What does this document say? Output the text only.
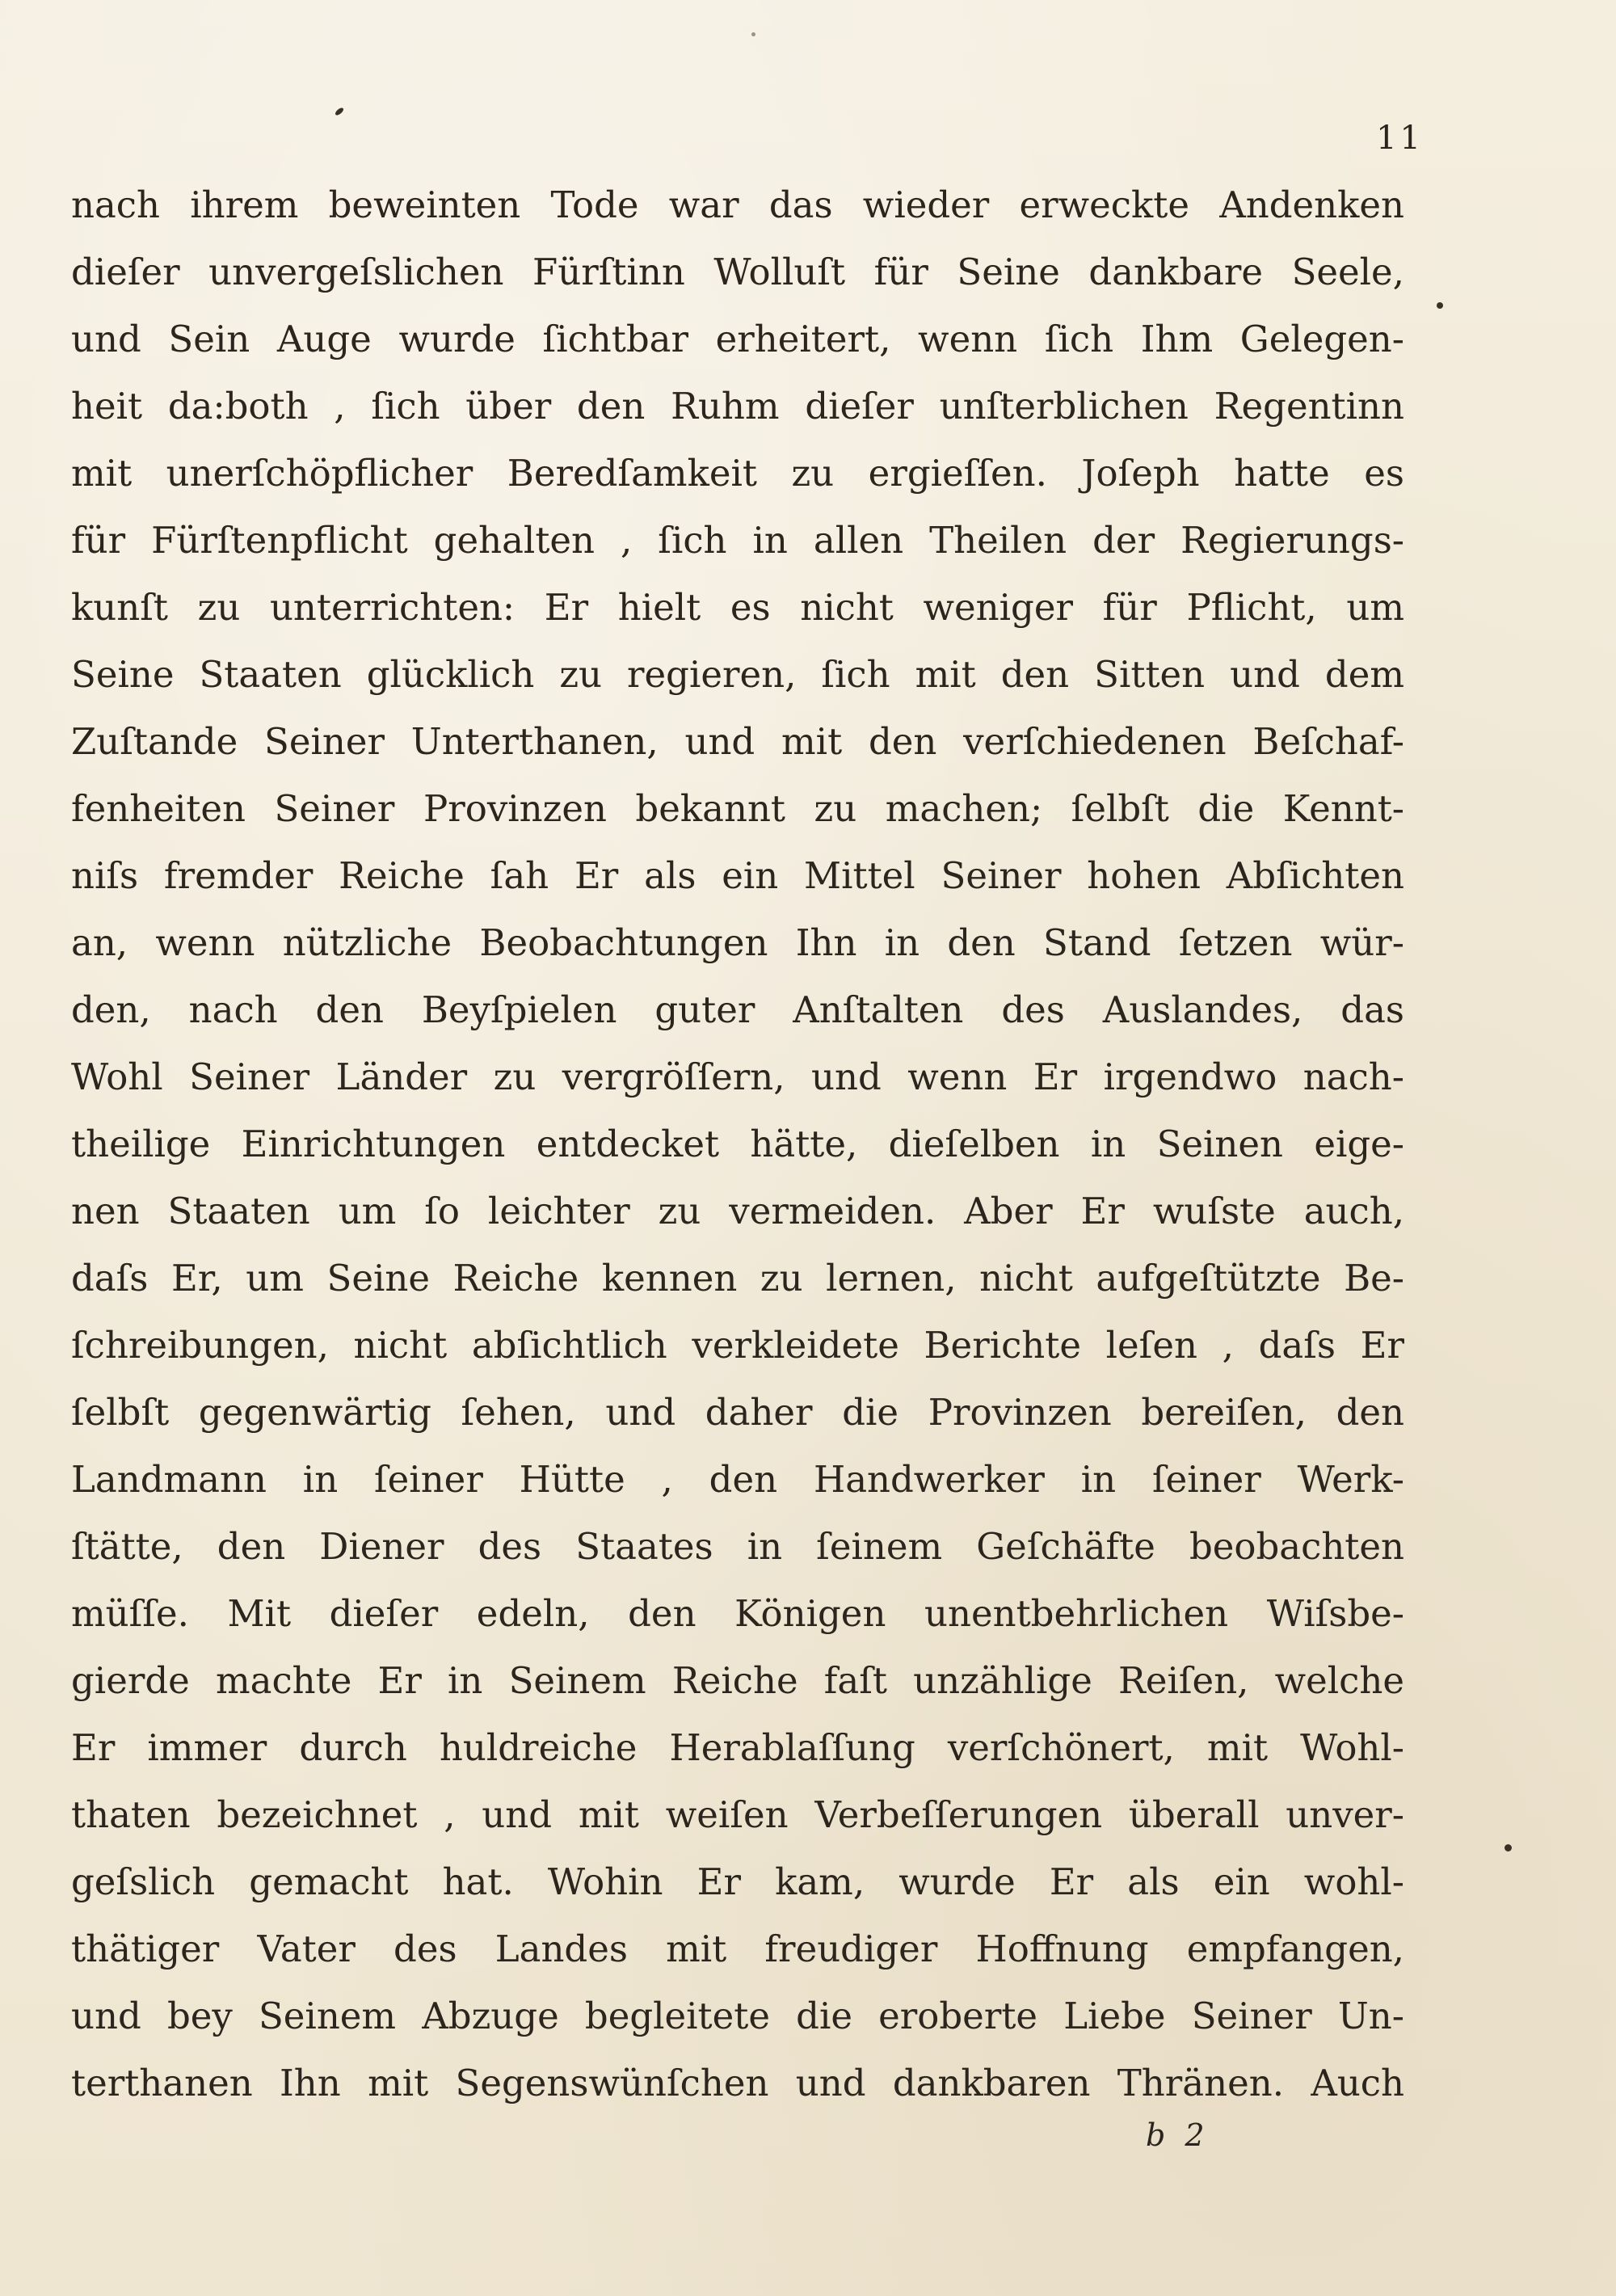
11
nach ihrem beweinten Tode war das wieder erweckte Andenken
dieſer unvergeſslichen Fürſtinn Wolluſt für Seine dankbare Seele,
und Sein Auge wurde ſichtbar erheitert, wenn ſich Ihm Gelegen-
heit da:both , ſich über den Ruhm dieſer unſterblichen Regentinn
mit unerſchöpflicher Beredſamkeit zu ergieſſen. Joſeph hatte es
für Fürſtenpflicht gehalten , ſich in allen Theilen der Regierungs-
kunſt zu unterrichten: Er hielt es nicht weniger für Pflicht, um
Seine Staaten glücklich zu regieren, ſich mit den Sitten und dem
Zuſtande Seiner Unterthanen, und mit den verſchiedenen Beſchaf-
fenheiten Seiner Provinzen bekannt zu machen; ſelbſt die Kennt-
niſs fremder Reiche ſah Er als ein Mittel Seiner hohen Abſichten
an, wenn nützliche Beobachtungen Ihn in den Stand ſetzen wür-
den, nach den Beyſpielen guter Anſtalten des Auslandes, das
Wohl Seiner Länder zu vergröſſern, und wenn Er irgendwo nach-
theilige Einrichtungen entdecket hätte, dieſelben in Seinen eige-
nen Staaten um ſo leichter zu vermeiden. Aber Er wuſste auch,
daſs Er, um Seine Reiche kennen zu lernen, nicht aufgeſtützte Be-
ſchreibungen, nicht abſichtlich verkleidete Berichte leſen , daſs Er
ſelbſt gegenwärtig ſehen, und daher die Provinzen bereiſen, den
Landmann in ſeiner Hütte , den Handwerker in ſeiner Werk-
ſtätte, den Diener des Staates in ſeinem Geſchäfte beobachten
müſſe. Mit dieſer edeln, den Königen unentbehrlichen Wiſsbe-
gierde machte Er in Seinem Reiche faſt unzählige Reiſen, welche
Er immer durch huldreiche Herablaſſung verſchönert, mit Wohl-
thaten bezeichnet , und mit weiſen Verbeſſerungen überall unver-
geſslich gemacht hat. Wohin Er kam, wurde Er als ein wohl-
thätiger Vater des Landes mit freudiger Hoffnung empfangen,
und bey Seinem Abzuge begleitete die eroberte Liebe Seiner Un-
terthanen Ihn mit Segenswünſchen und dankbaren Thränen. Auch
b 2
